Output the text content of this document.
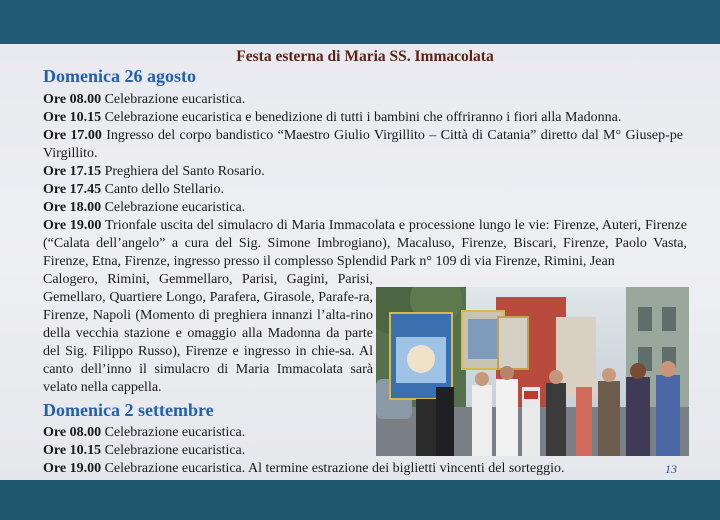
Festa esterna di Maria SS. Immacolata
Domenica 26 agosto
Ore 08.00 Celebrazione eucaristica.
Ore 10.15 Celebrazione eucaristica e benedizione di tutti i bambini che offriranno i fiori alla Madonna.
Ore 17.00 Ingresso del corpo bandistico “Maestro Giulio Virgillito – Città di Catania” diretto dal M° Giusep-pe Virgillito.
Ore 17.15 Preghiera del Santo Rosario.
Ore 17.45 Canto dello Stellario.
Ore 18.00 Celebrazione eucaristica.
Ore 19.00 Trionfale uscita del simulacro di Maria Immacolata e processione lungo le vie: Firenze, Auteri, Firenze (“Calata dell’angelo” a cura del Sig. Simone Imbrogiano), Macaluso, Firenze, Biscari, Firenze, Paolo Vasta, Firenze, Etna, Firenze, ingresso presso il complesso Splendid Park n° 109 di via Firenze, Rimini, Jean
Calogero, Rimini, Gemmellaro, Parisi, Gagini, Parisi, Gemellaro, Quartiere Longo, Parafera, Girasole, Parafe-ra, Firenze, Napoli (Momento di preghiera innanzi l’alta-rino della vecchia stazione e omaggio alla Madonna da parte del Sig. Filippo Russo), Firenze e ingresso in chie-sa. Al canto dell’inno il simulacro di Maria Immacolata sarà velato nella cappella.
Domenica 2 settembre
Ore 08.00 Celebrazione eucaristica.
Ore 10.15 Celebrazione eucaristica.
Ore 19.00 Celebrazione eucaristica. Al termine estrazione dei biglietti vincenti del sorteggio.	13
